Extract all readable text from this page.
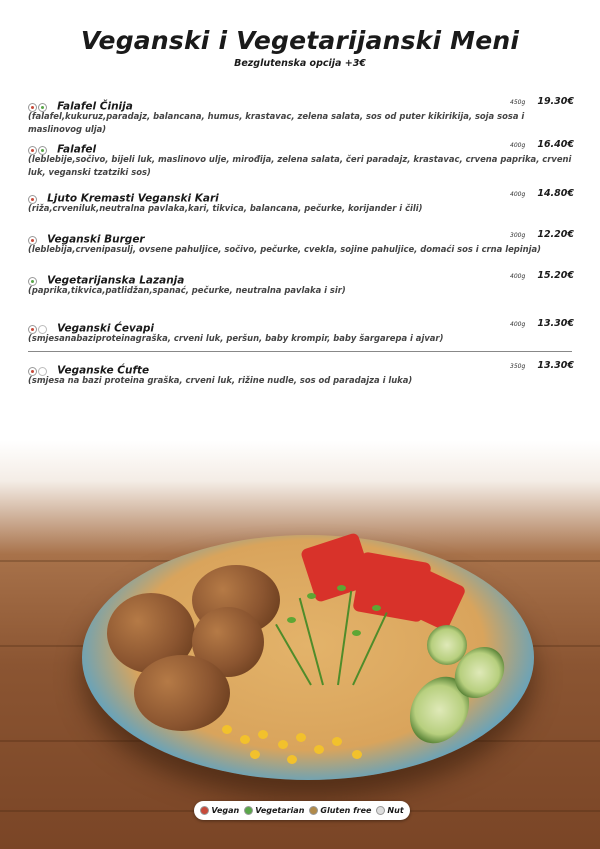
Veganski i Vegetarijanski Meni
Bezglutenska opcija +3€
Falafel Činija	450g 19.30€
(falafel,kukuruz,paradajz, balancana, humus, krastavac, zelena salata, sos od puter kikirikija, soja sosa i maslinovog ulja)
Falafel	400g 16.40€
(leblebije,sočivo, bijeli luk, maslinovo ulje, mirođija, zelena salata, čeri paradajz, krastavac, crvena paprika, crveni luk, veganski tzatziki sos)
Ljuto Kremasti Veganski Kari	400g 14.80€
(riža,crveniluk,neutralna pavlaka,kari, tikvica, balancana, pečurke, korijander i čili)
Veganski Burger	300g 12.20€
(leblebija,crvenipasulj, ovsene pahuljice, sočivo, pečurke, cvekla, sojine pahuljice, domaći sos i crna lepinja)
Vegetarijanska Lazanja	400g 15.20€
(paprika,tikvica,patlidžan,spanać, pečurke, neutralna pavlaka i sir)
Veganski Ćevapi	400g 13.30€
(smjesanabaziproteinagraška, crveni luk, peršun, baby krompir, baby šargarepa i ajvar)
Veganske Ćufte	350g 13.30€
(smjesa na bazi proteina graška, crveni luk, rižine nudle, sos od paradajza i luka)
Vegan Vegetarian Gluten free Nut
